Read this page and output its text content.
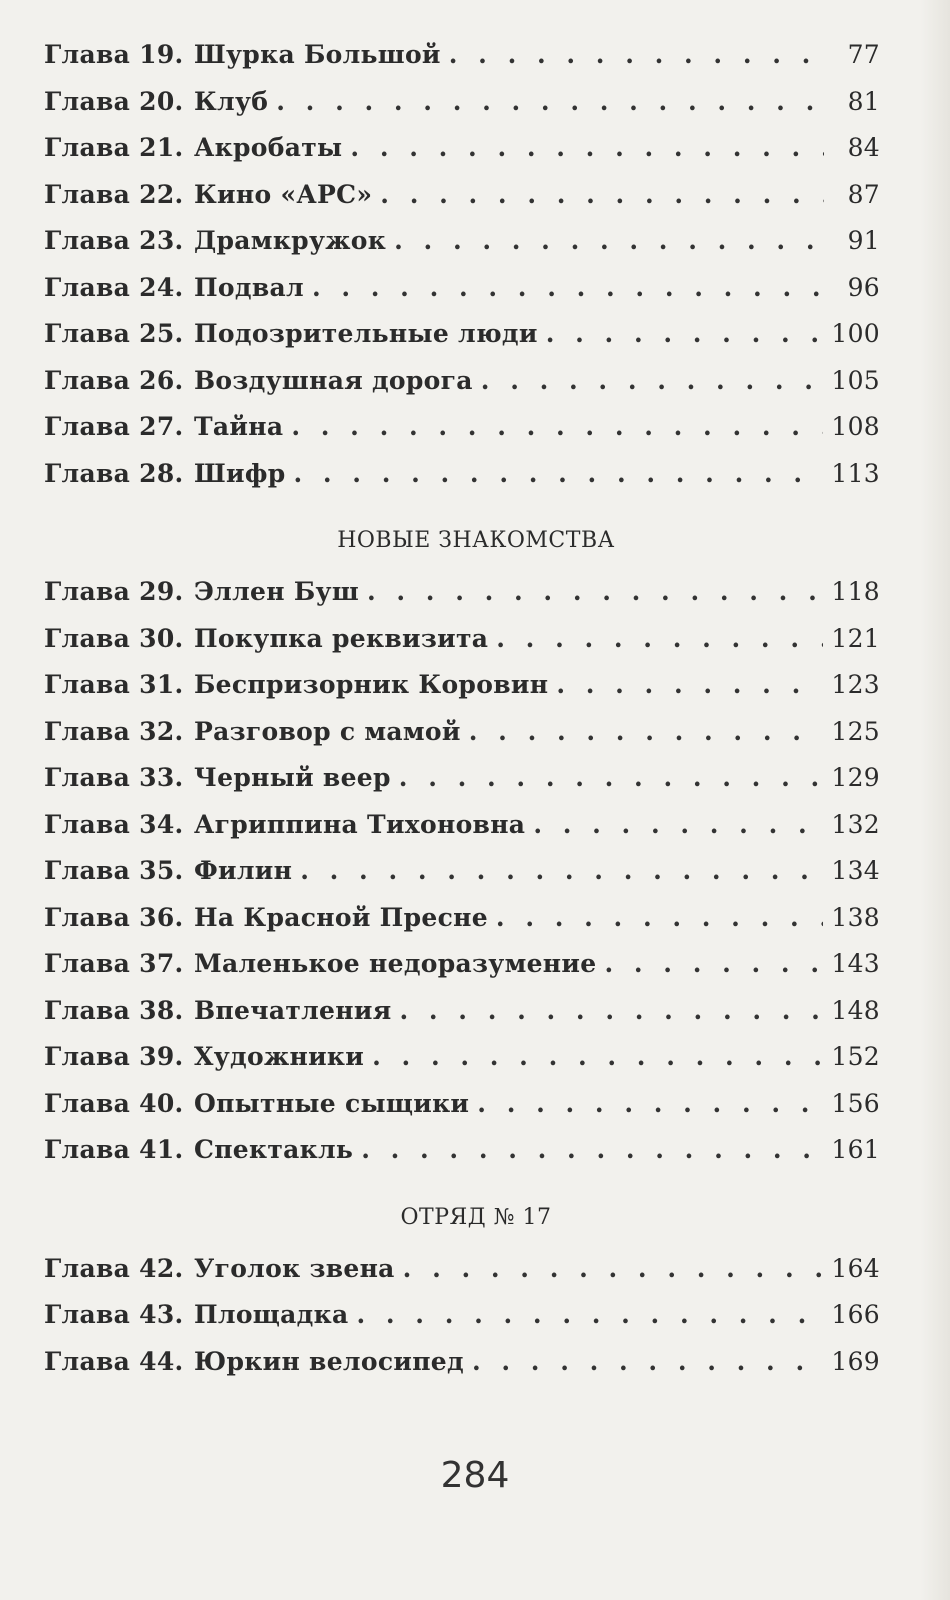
Глава 19. Шурка Большой . . .	77
Глава 20. Клуб . . .	81
Глава 21. Акробаты . . .	84
Глава 22. Кино «АРС» . . .	87
Глава 23. Драмкружок . . .	91
Глава 24. Подвал . . .	96
Глава 25. Подозрительные люди . . .	100
Глава 26. Воздушная дорога . . .	105
Глава 27. Тайна . . .	108
Глава 28. Шифр . . .	113
НОВЫЕ ЗНАКОМСТВА
Глава 29. Эллен Буш . . .	118
Глава 30. Покупка реквизита . . .	121
Глава 31. Беспризорник Коровин . . .	123
Глава 32. Разговор с мамой . . .	125
Глава 33. Черный веер . . .	129
Глава 34. Агриппина Тихоновна . . .	132
Глава 35. Филин . . .	134
Глава 36. На Красной Пресне . . .	138
Глава 37. Маленькое недоразумение . . .	143
Глава 38. Впечатления . . .	148
Глава 39. Художники . . .	152
Глава 40. Опытные сыщики . . .	156
Глава 41. Спектакль . . .	161
ОТРЯД № 17
Глава 42. Уголок звена . . .	164
Глава 43. Площадка . . .	166
Глава 44. Юркин велосипед . . .	169
284
